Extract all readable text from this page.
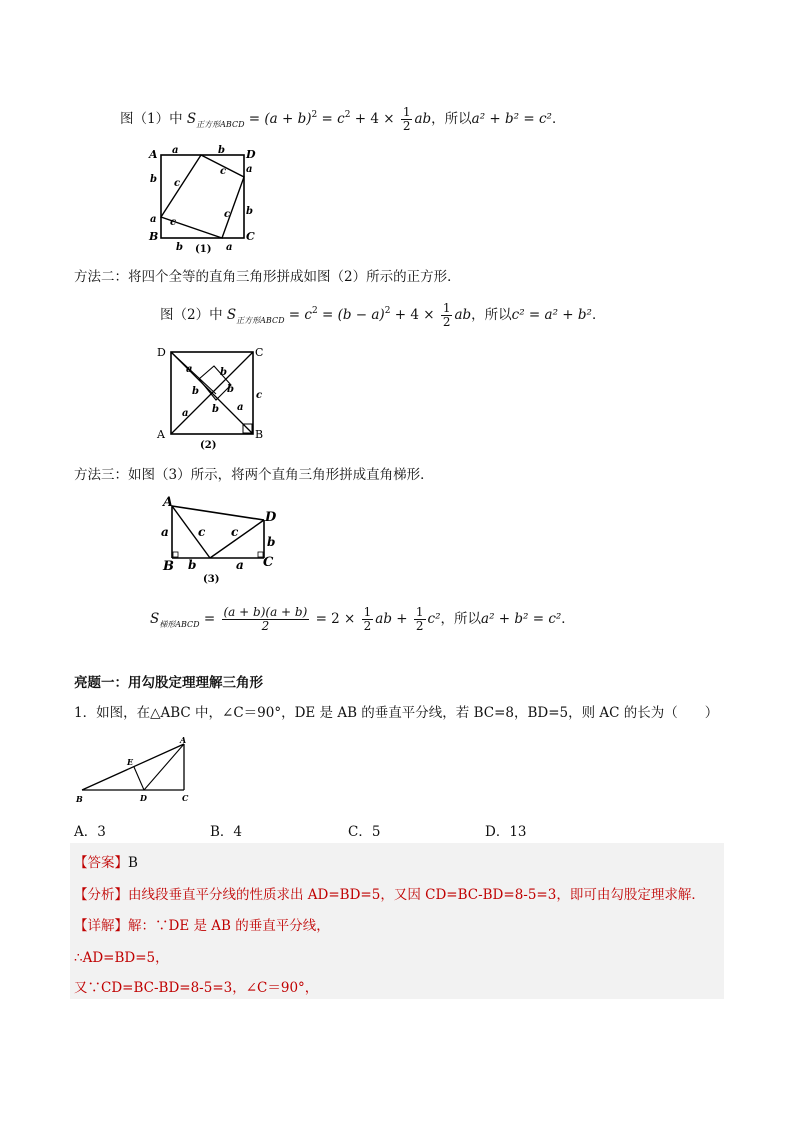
图（1）中 $S_{正方形ABCD} = (a + b)^2 = c^2 + 4 \times \frac{1}{2}$ ab，所以a² + b² = c²．
A	D
B	C
a	b
b
a
a
b
b	a
c
c
c
c
(1)
方法二：将四个全等的直角三角形拼成如图（2）所示的正方形．
图（2）中 $S_{正方形ABCD} = c^2 = (b - a)^2 + 4 \times \frac{1}{2}$ ab，所以c² = a² + b²．
D	C
A	B
a
a
b
b
b
b a
c
(2)
方法三：如图（3）所示，将两个直角三角形拼成直角梯形．
A
D
B	C
a
b	a
b
c c
(3)
$S_{梯形ABCD} = \frac{(a + b)(a + b)}{2} = 2 \times \frac{1}{2}$ ab + $\frac{1}{2} c^2$，所以a² + b² = c²．
亮题一：用勾股定理理解三角形
1．如图，在△ABC 中，∠C＝90°，DE 是 AB 的垂直平分线，若 BC=8，BD=5，则 AC 的长为（　　）
A
B	C
D
E
A．3	B．4	C．5	D．13
【答案】B
【分析】由线段垂直平分线的性质求出 AD=BD=5，又因 CD=BC-BD=8-5=3，即可由勾股定理求解．
【详解】解：∵DE 是 AB 的垂直平分线，
∴AD=BD=5，
又∵CD=BC-BD=8-5=3，∠C＝90°，
